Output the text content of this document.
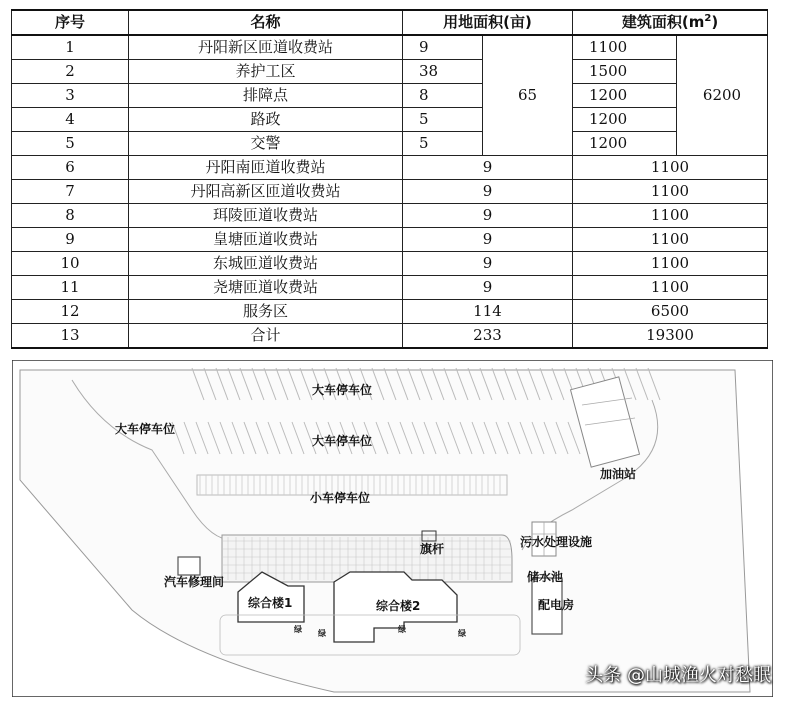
序号	名称	用地面积(亩)		建筑面积$(m^2)$	
1	丹阳新区匝道收费站	9	65	1100	6200
2	养护工区	38		1500	
3	排障点	8		1200	
4	路政	5		1200	
5	交警	5		1200	
6	丹阳南匝道收费站	9		1100	
7	丹阳高新区匝道收费站	9		1100	
8	珥陵匝道收费站	9		1100	
9	皇塘匝道收费站	9		1100	
10	东城匝道收费站	9		1100	
11	尧塘匝道收费站	9		1100	
12	服务区	114		6500	
13	合计	233		19300	
大车停车位
大车停车位
大车停车位
小车停车位
加油站
旗杆	污水处理设施
储水池
配电房
汽车修理间
综合楼1	综合楼2
绿 绿	绿	绿
头条 @山城渔火对愁眠
